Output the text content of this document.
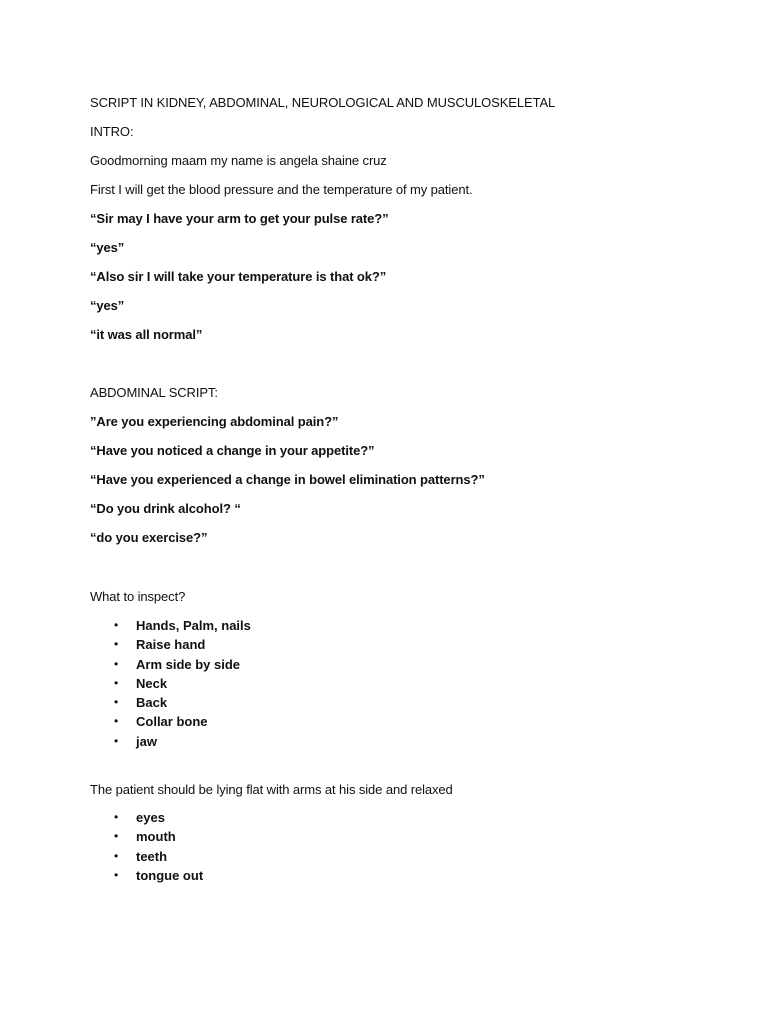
SCRIPT IN KIDNEY, ABDOMINAL, NEUROLOGICAL AND MUSCULOSKELETAL

INTRO:

Goodmorning maam my name is angela shaine cruz

First I will get the blood pressure and the temperature of my patient.

“Sir may I have your arm to get your pulse rate?”

“yes”

“Also sir I will take your temperature is that ok?”

“yes”

“it was all normal”

ABDOMINAL SCRIPT:

”Are you experiencing abdominal pain?”

“Have you noticed a change in your appetite?”

“Have you experienced a change in bowel elimination patterns?”

“Do you drink alcohol? “

“do you exercise?”

What to inspect?

• Hands, Palm, nails
• Raise hand
• Arm side by side
• Neck
• Back
• Collar bone
• jaw

The patient should be lying flat with arms at his side and relaxed

• eyes
• mouth
• teeth
• tongue out
